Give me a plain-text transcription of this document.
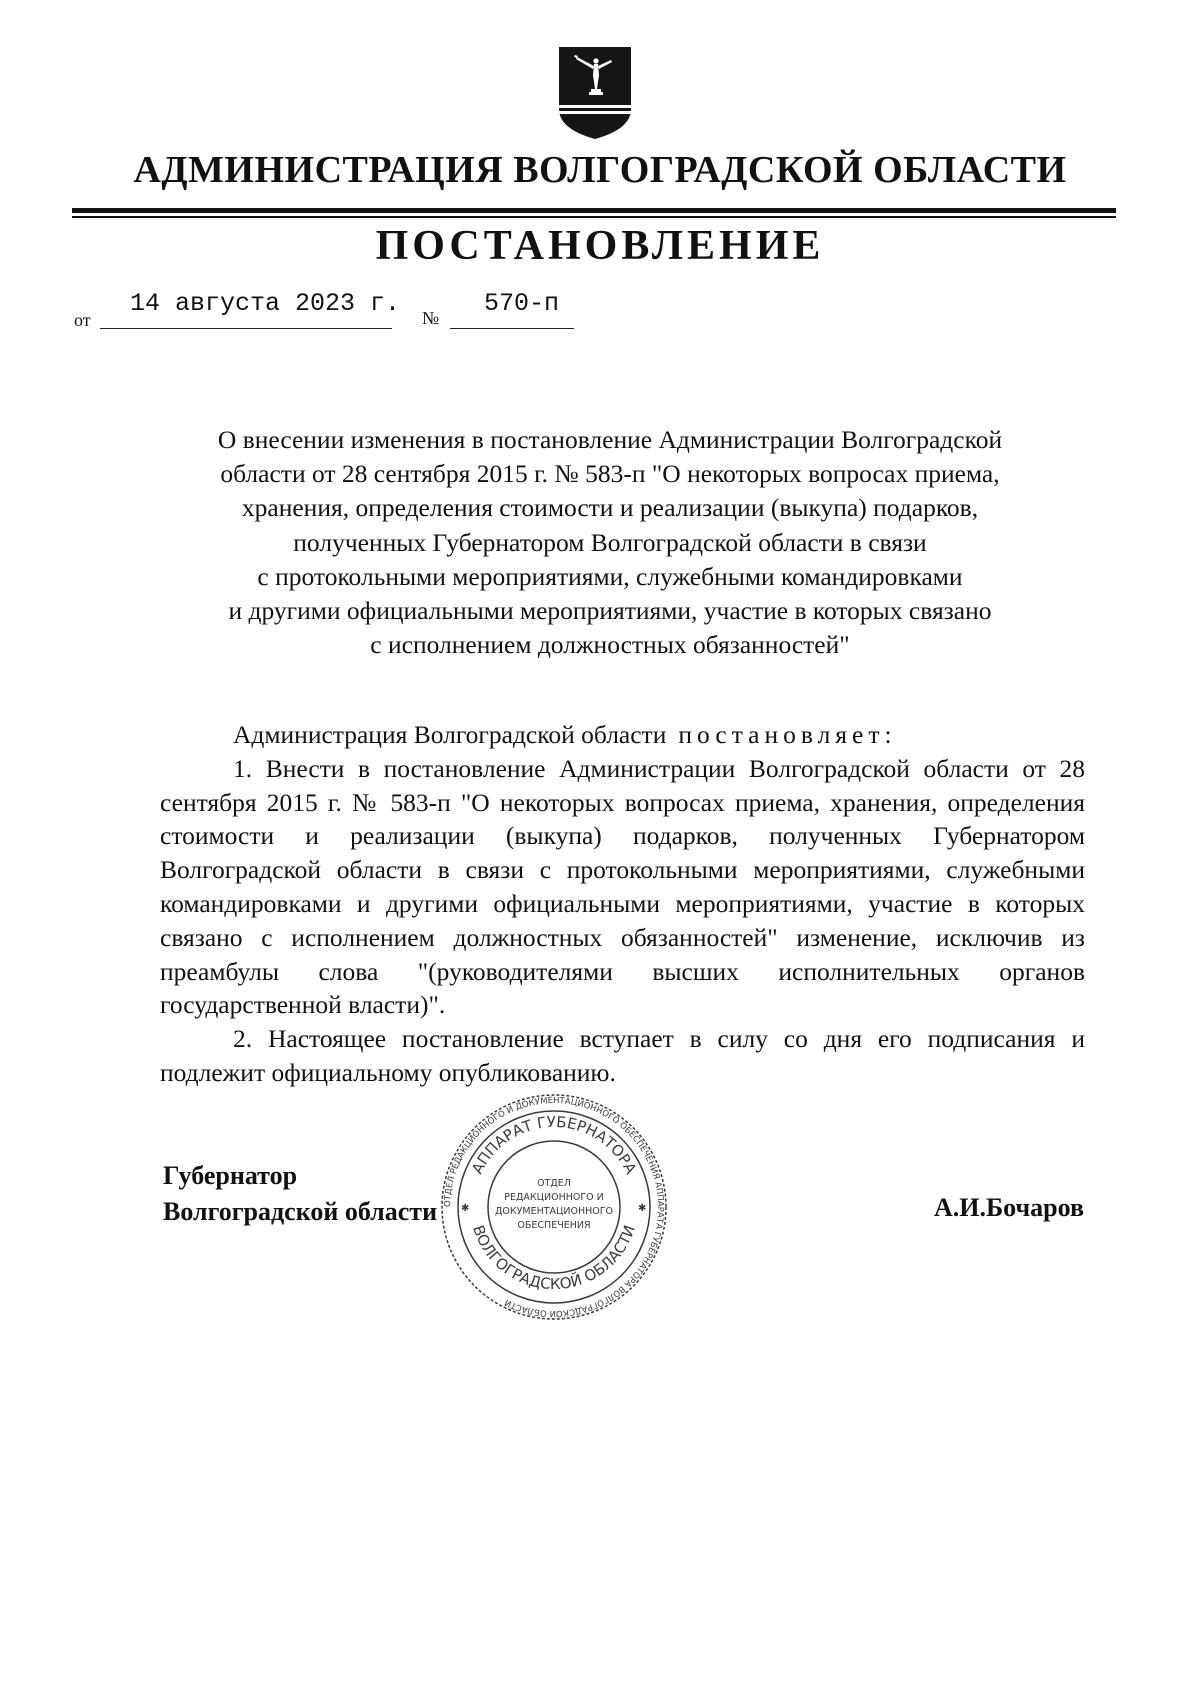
АДМИНИСТРАЦИЯ ВОЛГОГРАДСКОЙ ОБЛАСТИ
ПОСТАНОВЛЕНИЕ
от
14 августа 2023 г. № 570-п
О внесении изменения в постановление Администрации Волгоградской
области от 28 сентября 2015 г. № 583-п "О некоторых вопросах приема,
хранения, определения стоимости и реализации (выкупа) подарков,
полученных Губернатором Волгоградской области в связи
с протокольными мероприятиями, служебными командировками
и другими официальными мероприятиями, участие в которых связано
с исполнением должностных обязанностей"

Администрация Волгоградской области постановляет:

1. Внести в постановление Администрации Волгоградской области от 28 сентября 2015 г. № 583-п "О некоторых вопросах приема, хранения, определения стоимости и реализации (выкупа) подарков, полученных Губернатором Волгоградской области в связи с протокольными мероприятиями, служебными командировками и другими официальными мероприятиями, участие в которых связано с исполнением должностных обязанностей" изменение, исключив из преамбулы слова "(руководителями высших исполнительных органов государственной власти)".

2. Настоящее постановление вступает в силу со дня его подписания и подлежит официальному опубликованию.

Губернатор
Волгоградской области	А.И.Бочаров
ОТДЕЛ РЕДАКЦИОННОГО И ДОКУМЕНТАЦИОННОГО ОБЕСПЕЧЕНИЯ АППАРАТА ГУБЕРНАТОРА ВОЛГОГРАДСКОЙ ОБЛАСТИ
АППАРАТ ГУБЕРНАТОРА
ВОЛГОГРАДСКОЙ ОБЛАСТИ
ОТДЕЛ
РЕДАКЦИОННОГО И
ДОКУМЕНТАЦИОННОГО
ОБЕСПЕЧЕНИЯ
✱	✱
